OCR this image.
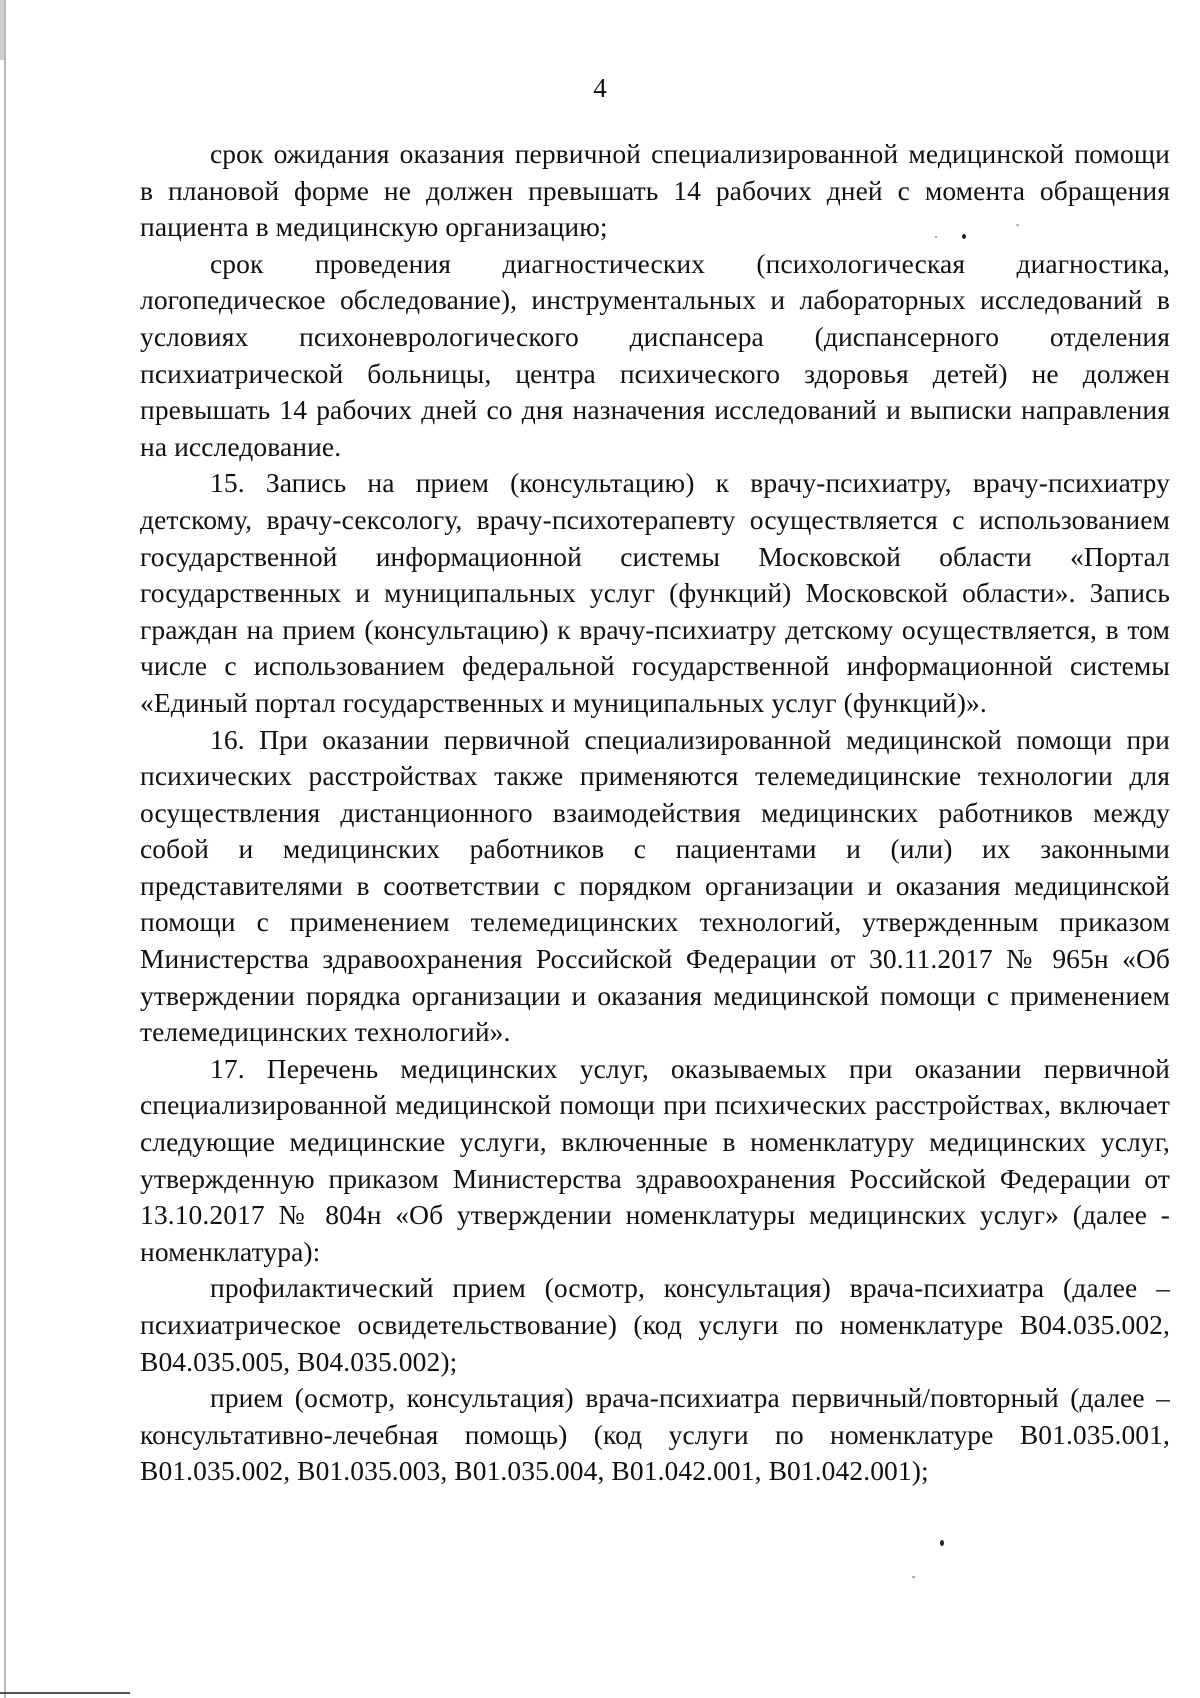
4

срок ожидания оказания первичной специализированной медицинской помощи в плановой форме не должен превышать 14 рабочих дней с момента обращения пациента в медицинскую организацию;

срок проведения диагностических (психологическая диагностика, логопедическое обследование), инструментальных и лабораторных исследований в условиях психоневрологического диспансера (диспансерного отделения психиатрической больницы, центра психического здоровья детей) не должен превышать 14 рабочих дней со дня назначения исследований и выписки направления на исследование.

15. Запись на прием (консультацию) к врачу-психиатру, врачу-психиатру детскому, врачу-сексологу, врачу-психотерапевту осуществляется с использованием государственной информационной системы Московской области «Портал государственных и муниципальных услуг (функций) Московской области». Запись граждан на прием (консультацию) к врачу-психиатру детскому осуществляется, в том числе с использованием федеральной государственной информационной системы «Единый портал государственных и муниципальных услуг (функций)».

16. При оказании первичной специализированной медицинской помощи при психических расстройствах также применяются телемедицинские технологии для осуществления дистанционного взаимодействия медицинских работников между собой и медицинских работников с пациентами и (или) их законными представителями в соответствии с порядком организации и оказания медицинской помощи с применением телемедицинских технологий, утвержденным приказом Министерства здравоохранения Российской Федерации от 30.11.2017 № 965н «Об утверждении порядка организации и оказания медицинской помощи с применением телемедицинских технологий».

17. Перечень медицинских услуг, оказываемых при оказании первичной специализированной медицинской помощи при психических расстройствах, включает следующие медицинские услуги, включенные в номенклатуру медицинских услуг, утвержденную приказом Министерства здравоохранения Российской Федерации от 13.10.2017 № 804н «Об утверждении номенклатуры медицинских услуг» (далее - номенклатура):

профилактический прием (осмотр, консультация) врача-психиатра (далее – психиатрическое освидетельствование) (код услуги по номенклатуре В04.035.002, В04.035.005, В04.035.002);

прием (осмотр, консультация) врача-психиатра первичный/повторный (далее – консультативно-лечебная помощь) (код услуги по номенклатуре В01.035.001, В01.035.002, В01.035.003, В01.035.004, В01.042.001, В01.042.001);
